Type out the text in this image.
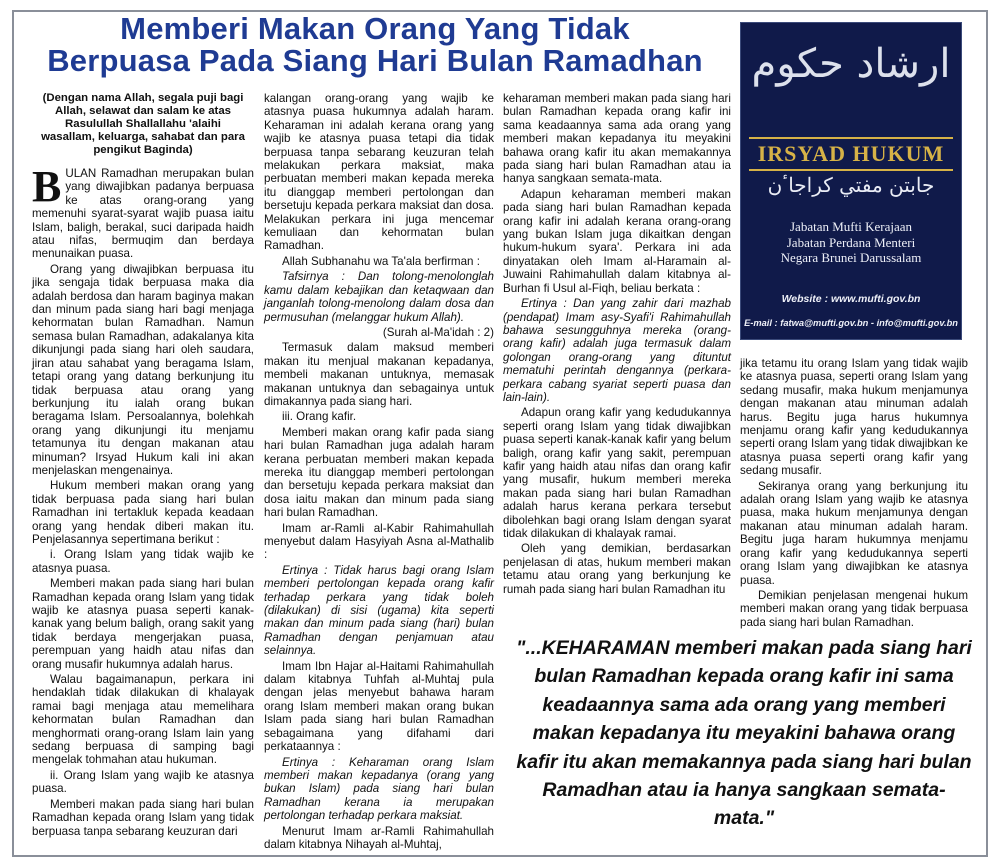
Memberi Makan Orang Yang Tidak
Berpuasa Pada Siang Hari Bulan Ramadhan

(Dengan nama Allah, segala puji bagi Allah, selawat dan salam ke atas Rasulullah Shallallahu 'alaihi wasallam, keluarga, sahabat dan para pengikut Baginda)

BULAN Ramadhan merupakan bulan yang diwajibkan padanya berpuasa ke atas orang-orang yang memenuhi syarat-syarat wajib puasa iaitu Islam, baligh, berakal, suci daripada haidh atau nifas, bermuqim dan berdaya menunaikan puasa.

Orang yang diwajibkan berpuasa itu jika sengaja tidak berpuasa maka dia adalah berdosa dan haram baginya makan dan minum pada siang hari bagi menjaga kehormatan bulan Ramadhan. Namun semasa bulan Ramadhan, adakalanya kita dikunjungi pada siang hari oleh saudara, jiran atau sahabat yang beragama Islam, tetapi orang yang datang berkunjung itu tidak berpuasa atau orang yang berkunjung itu ialah orang bukan beragama Islam. Persoalannya, bolehkah orang yang dikunjungi itu menjamu tetamunya itu dengan makanan atau minuman? Irsyad Hukum kali ini akan menjelaskan mengenainya.

Hukum memberi makan orang yang tidak berpuasa pada siang hari bulan Ramadhan ini tertakluk kepada keadaan orang yang hendak diberi makan itu. Penjelasannya sepertimana berikut :

i. Orang Islam yang tidak wajib ke atasnya puasa.

Memberi makan pada siang hari bulan Ramadhan kepada orang Islam yang tidak wajib ke atasnya puasa seperti kanak-kanak yang belum baligh, orang sakit yang tidak berdaya mengerjakan puasa, perempuan yang haidh atau nifas dan orang musafir hukumnya adalah harus.

Walau bagaimanapun, perkara ini hendaklah tidak dilakukan di khalayak ramai bagi menjaga atau memelihara kehormatan bulan Ramadhan dan menghormati orang-orang Islam lain yang sedang berpuasa di samping bagi mengelak tohmahan atau hukuman.

ii. Orang Islam yang wajib ke atasnya puasa.

Memberi makan pada siang hari bulan Ramadhan kepada orang Islam yang tidak berpuasa tanpa sebarang keuzuran dari

kalangan orang-orang yang wajib ke atasnya puasa hukumnya adalah haram. Keharaman ini adalah kerana orang yang wajib ke atasnya puasa tetapi dia tidak berpuasa tanpa sebarang keuzuran telah melakukan perkara maksiat, maka perbuatan memberi makan kepada mereka itu dianggap memberi pertolongan dan bersetuju kepada perkara maksiat dan dosa. Melakukan perkara ini juga mencemar kemuliaan dan kehormatan bulan Ramadhan.

Allah Subhanahu wa Ta'ala berfirman :

Tafsirnya : Dan tolong-menolonglah kamu dalam kebajikan dan ketaqwaan dan janganlah tolong-menolong dalam dosa dan permusuhan (melanggar hukum Allah).

(Surah al-Ma'idah : 2)

Termasuk dalam maksud memberi makan itu menjual makanan kepadanya, membeli makanan untuknya, memasak makanan untuknya dan sebagainya untuk dimakannya pada siang hari.

iii. Orang kafir.

Memberi makan orang kafir pada siang hari bulan Ramadhan juga adalah haram kerana perbuatan memberi makan kepada mereka itu dianggap memberi pertolongan dan bersetuju kepada perkara maksiat dan dosa iaitu makan dan minum pada siang hari bulan Ramadhan.

Imam ar-Ramli al-Kabir Rahimahullah menyebut dalam Hasyiyah Asna al-Mathalib :

Ertinya : Tidak harus bagi orang Islam memberi pertolongan kepada orang kafir terhadap perkara yang tidak boleh (dilakukan) di sisi (ugama) kita seperti makan dan minum pada siang (hari) bulan Ramadhan dengan penjamuan atau selainnya.

Imam Ibn Hajar al-Haitami Rahimahullah dalam kitabnya Tuhfah al-Muhtaj pula dengan jelas menyebut bahawa haram orang Islam memberi makan orang bukan Islam pada siang hari bulan Ramadhan sebagaimana yang difahami dari perkataannya :

Ertinya : Keharaman orang Islam memberi makan kepadanya (orang yang bukan Islam) pada siang hari bulan Ramadhan kerana ia merupakan pertolongan terhadap perkara maksiat.

Menurut Imam ar-Ramli Rahimahullah dalam kitabnya Nihayah al-Muhtaj,

keharaman memberi makan pada siang hari bulan Ramadhan kepada orang kafir ini sama keadaannya sama ada orang yang memberi makan kepadanya itu meyakini bahawa orang kafir itu akan memakannya pada siang hari bulan Ramadhan atau ia hanya sangkaan semata-mata.

Adapun keharaman memberi makan pada siang hari bulan Ramadhan kepada orang kafir ini adalah kerana orang-orang yang bukan Islam juga dikaitkan dengan hukum-hukum syara'. Perkara ini ada dinyatakan oleh Imam al-Haramain al-Juwaini Rahimahullah dalam kitabnya al-Burhan fi Usul al-Fiqh, beliau berkata :

Ertinya : Dan yang zahir dari mazhab (pendapat) Imam asy-Syafi'i Rahimahullah bahawa sesungguhnya mereka (orang-orang kafir) adalah juga termasuk dalam golongan orang-orang yang dituntut mematuhi perintah dengannya (perkara-perkara cabang syariat seperti puasa dan lain-lain).

Adapun orang kafir yang kedudukannya seperti orang Islam yang tidak diwajibkan puasa seperti kanak-kanak kafir yang belum baligh, orang kafir yang sakit, perempuan kafir yang haidh atau nifas dan orang kafir yang musafir, hukum memberi mereka makan pada siang hari bulan Ramadhan adalah harus kerana perkara tersebut dibolehkan bagi orang Islam dengan syarat tidak dilakukan di khalayak ramai.

Oleh yang demikian, berdasarkan penjelasan di atas, hukum memberi makan tetamu atau orang yang berkunjung ke rumah pada siang hari bulan Ramadhan itu

ارشاد حكوم
IRSYAD HUKUM
جابتن مفتي كراجاٴن
Jabatan Mufti Kerajaan
Jabatan Perdana Menteri
Negara Brunei Darussalam
Website : www.mufti.gov.bn
E-mail : fatwa@mufti.gov.bn - info@mufti.gov.bn

jika tetamu itu orang Islam yang tidak wajib ke atasnya puasa, seperti orang Islam yang sedang musafir, maka hukum menjamunya dengan makanan atau minuman adalah harus. Begitu juga harus hukumnya menjamu orang kafir yang kedudukannya seperti orang Islam yang tidak diwajibkan ke atasnya puasa seperti orang kafir yang sedang musafir.

Sekiranya orang yang berkunjung itu adalah orang Islam yang wajib ke atasnya puasa, maka hukum menjamunya dengan makanan atau minuman adalah haram. Begitu juga haram hukumnya menjamu orang kafir yang kedudukannya seperti orang Islam yang diwajibkan ke atasnya puasa.

Demikian penjelasan mengenai hukum memberi makan orang yang tidak berpuasa pada siang hari bulan Ramadhan.

"...KEHARAMAN memberi makan pada siang hari bulan Ramadhan kepada orang kafir ini sama keadaannya sama ada orang yang memberi makan kepadanya itu meyakini bahawa orang kafir itu akan memakannya pada siang hari bulan Ramadhan atau ia hanya sangkaan semata-mata."
